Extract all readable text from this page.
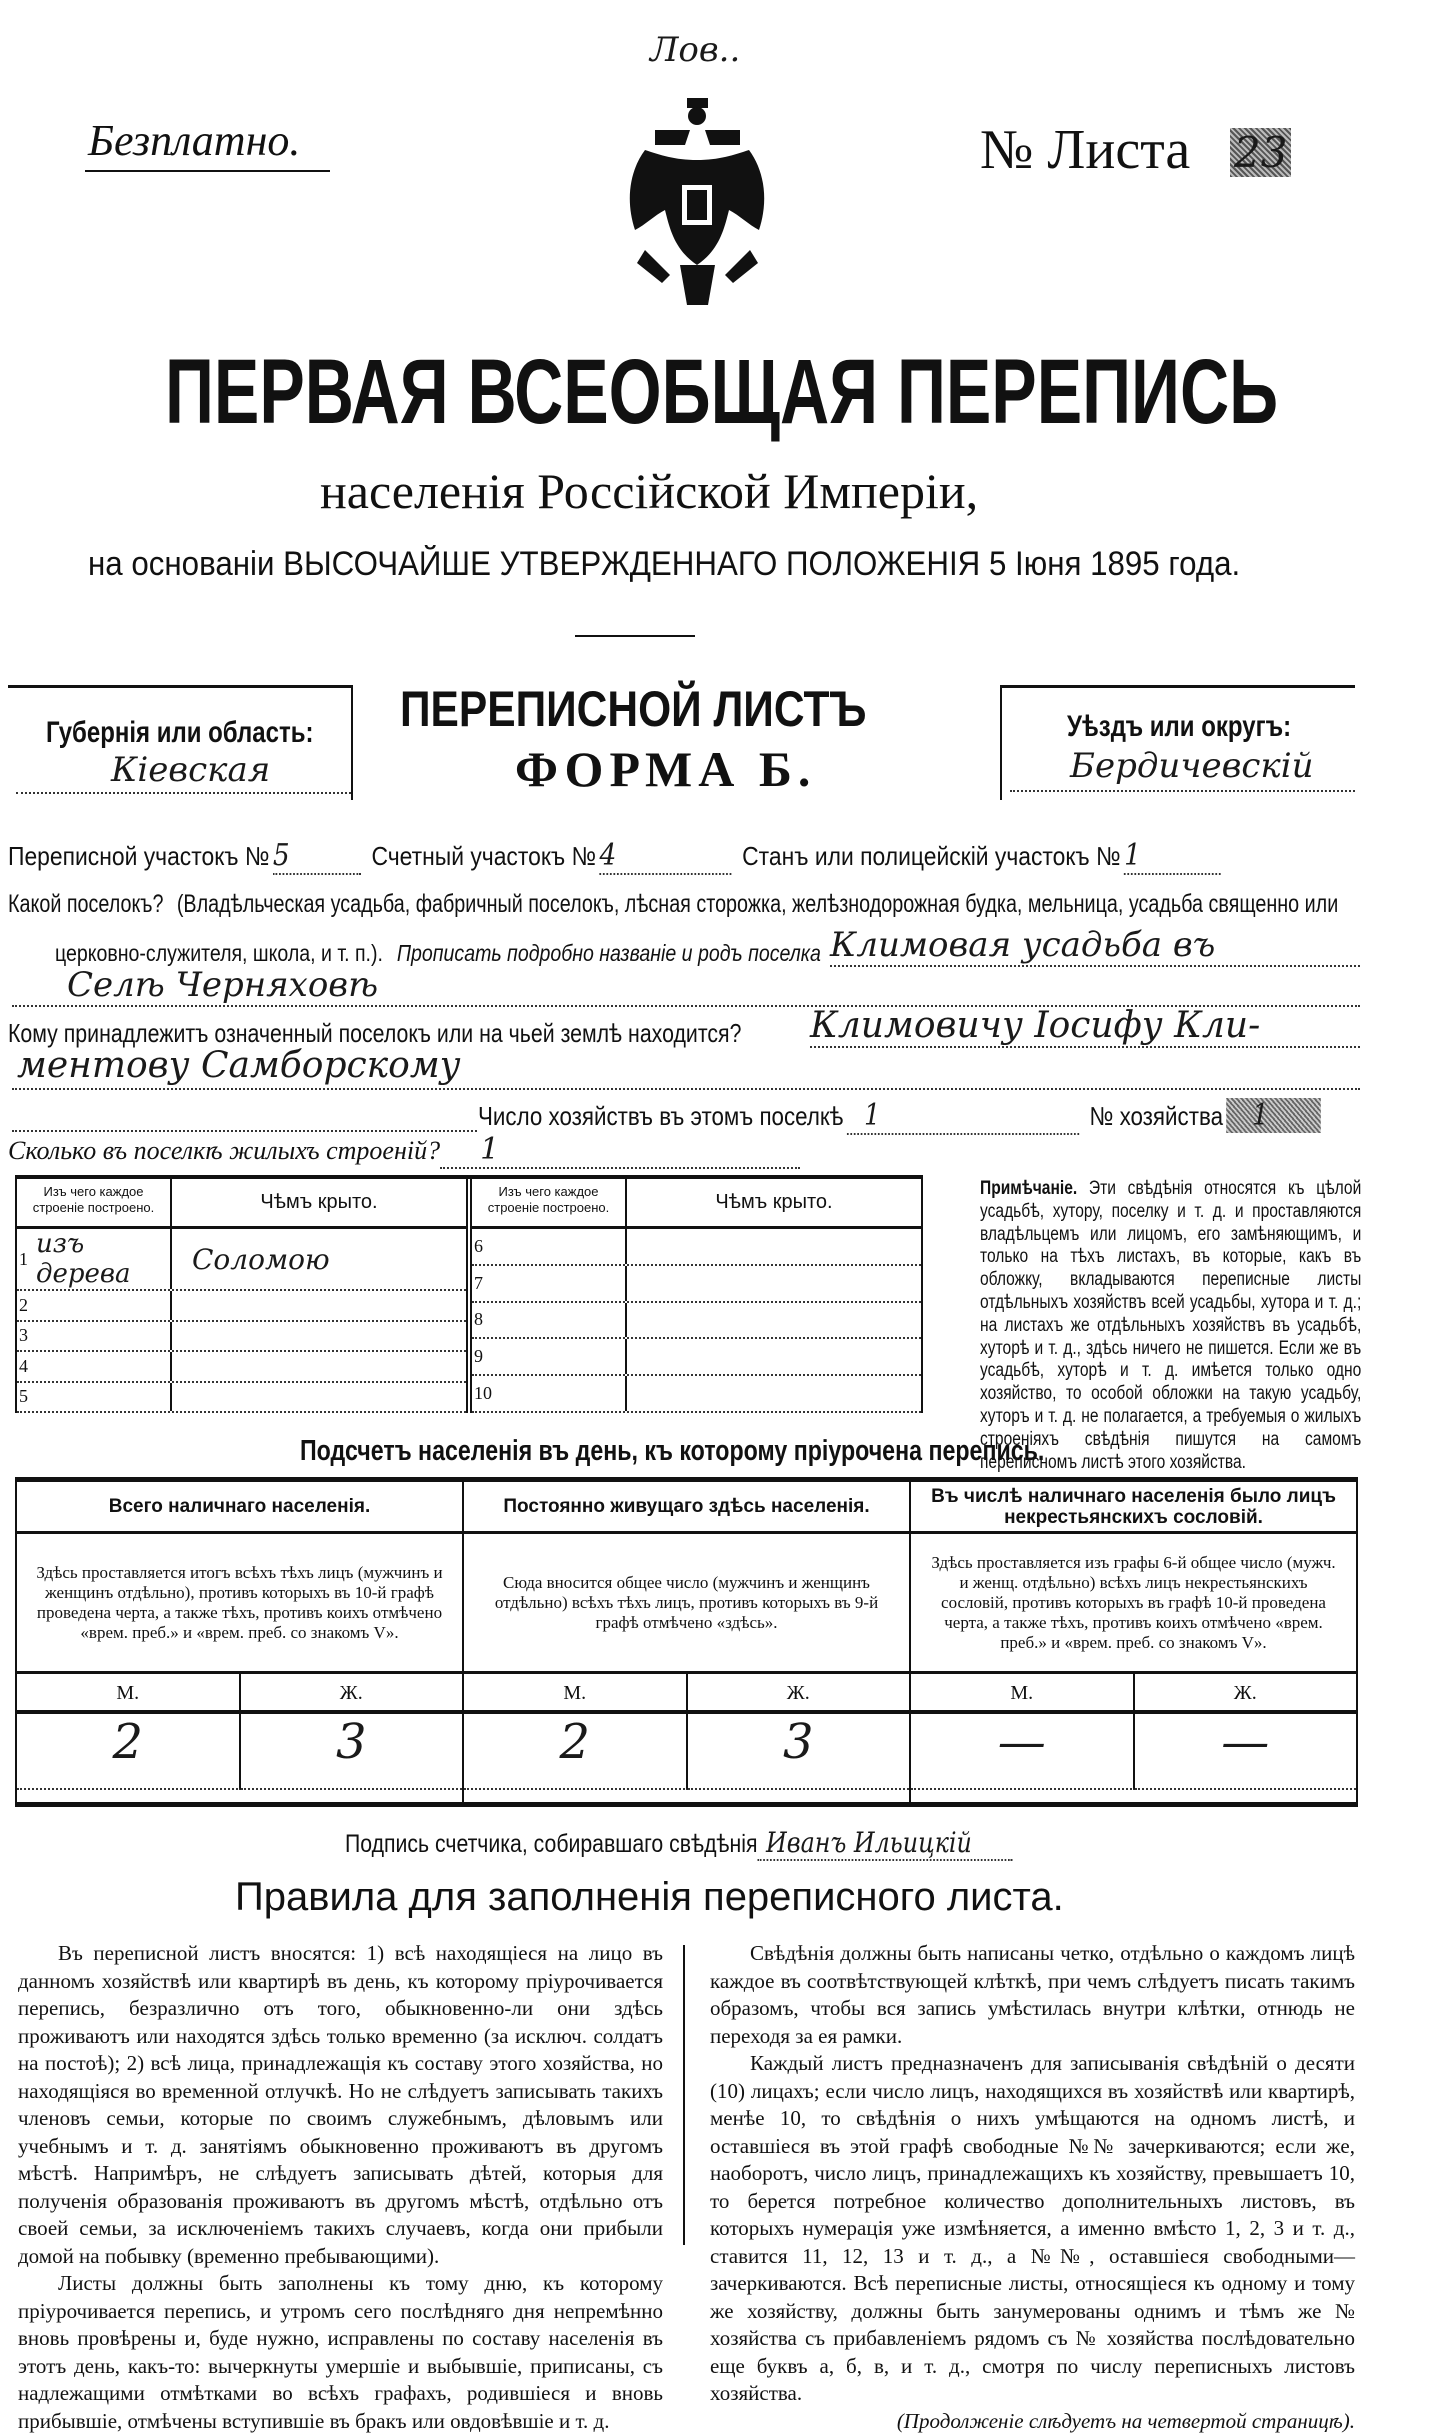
Лов..
Безплатно.	№ Листа 23
ПЕРВАЯ ВСЕОБЩАЯ ПЕРЕПИСЬ
населенія Россійской Имперіи,
на основаніи ВЫСОЧАЙШЕ УТВЕРЖДЕННАГО ПОЛОЖЕНІЯ 5 Іюня 1895 года.
Губернія или область:
Кіевская
ПЕРЕПИСНОЙ ЛИСТЪ
ФОРМА Б.
Уѣздъ или округъ:
Бердичевскій
Переписной участокъ № 5	Счетный участокъ № 4	Станъ или полицейскій участокъ № 1
Какой поселокъ? (Владѣльческая усадьба, фабричный поселокъ, лѣсная сторожка, желѣзнодорожная будка, мельница, усадьба священно или
церковно-служителя, школа, и т. п.). Прописать подробно названіе и родъ поселка Климовая усадьба въ
Селѣ Черняховѣ
Кому принадлежитъ означенный поселокъ или на чьей землѣ находится? Климовичу Іосифу Кли-
ментову Самборскому
Число хозяйствъ въ этомъ поселкѣ 1	№ хозяйства 1
Сколько въ поселкѣ жилыхъ строеній?	1
Изъ чего каждое строеніе построено.	Чѣмъ крыто.
1 изъ дерева	Соломою
2
3
4
5
Изъ чего каждое строеніе построено.	Чѣмъ крыто.
6
7
8
9
10
Примѣчаніе. Эти свѣдѣнія относятся къ цѣлой усадьбѣ, хутору, поселку и т. д. и проставляются владѣльцемъ или лицомъ, его замѣняющимъ, и только на тѣхъ листахъ, въ которые, какъ въ обложку, вкладываются переписные листы отдѣльныхъ хозяйствъ всей усадьбы, хутора и т. д.; на листахъ же отдѣльныхъ хозяйствъ въ усадьбѣ, хуторѣ и т. д., здѣсь ничего не пишется. Если же въ усадьбѣ, хуторѣ и т. д. имѣется только одно хозяйство, то особой обложки на такую усадьбу, хуторъ и т. д. не полагается, а требуемыя о жилыхъ строеніяхъ свѣдѣнія пишутся на самомъ переписномъ листѣ этого хозяйства.
Подсчетъ населенія въ день, къ которому пріурочена перепись.
Всего наличнаго населенія.
Здѣсь проставляется итогъ всѣхъ тѣхъ лицъ (мужчинъ и женщинъ отдѣльно), противъ которыхъ въ 10-й графѣ проведена черта, а также тѣхъ, противъ коихъ отмѣчено «врем. преб.» и «врем. преб. со знакомъ V».
М.	Ж.
2	3
Постоянно живущаго здѣсь населенія.
Сюда вносится общее число (мужчинъ и женщинъ отдѣльно) всѣхъ тѣхъ лицъ, противъ которыхъ въ 9-й графѣ отмѣчено «здѣсь».
М.	Ж.
2	3
Въ числѣ наличнаго населенія было лицъ некрестьянскихъ сословій.
Здѣсь проставляется изъ графы 6-й общее число (мужч. и женщ. отдѣльно) всѣхъ лицъ некрестьянскихъ сословій, противъ которыхъ въ графѣ 10-й проведена черта, а также тѣхъ, противъ коихъ отмѣчено «врем. преб.» и «врем. преб. со знакомъ V».
М.	Ж.
—	—
Подпись счетчика, собиравшаго свѣдѣнія Иванъ Ильицкій
Правила для заполненія переписного листа.

Въ переписной листъ вносятся: 1) всѣ находящіеся на лицо въ данномъ хозяйствѣ или квартирѣ въ день, къ которому пріурочивается перепись, безразлично отъ того, обыкновенно-ли они здѣсь проживаютъ или находятся здѣсь только временно (за исключ. солдатъ на постоѣ); 2) всѣ лица, принадлежащія къ составу этого хозяйства, но находящіяся во временной отлучкѣ. Но не слѣдуетъ записывать такихъ членовъ семьи, которые по своимъ служебнымъ, дѣловымъ или учебнымъ и т. д. занятіямъ обыкновенно проживаютъ въ другомъ мѣстѣ. Напримѣръ, не слѣдуетъ записывать дѣтей, которыя для полученія образованія проживаютъ въ другомъ мѣстѣ, отдѣльно отъ своей семьи, за исключеніемъ такихъ случаевъ, когда они прибыли домой на побывку (временно пребывающими).

Листы должны быть заполнены къ тому дню, къ которому пріурочивается перепись, и утромъ сего послѣдняго дня непремѣнно вновь провѣрены и, буде нужно, исправлены по составу населенія въ этотъ день, какъ-то: вычеркнуты умершіе и выбывшіе, приписаны, съ надлежащими отмѣтками во всѣхъ графахъ, родившіеся и вновь прибывшіе, отмѣчены вступившіе въ бракъ или овдовѣвшіе и т. д.

Свѣдѣнія должны быть написаны четко, отдѣльно о каждомъ лицѣ каждое въ соотвѣтствующей клѣткѣ, при чемъ слѣдуетъ писать такимъ образомъ, чтобы вся запись умѣстилась внутри клѣтки, отнюдь не переходя за ея рамки.

Каждый листъ предназначенъ для записыванія свѣдѣній о десяти (10) лицахъ; если число лицъ, находящихся въ хозяйствѣ или квартирѣ, менѣе 10, то свѣдѣнія о нихъ умѣщаются на одномъ листѣ, и оставшіеся въ этой графѣ свободные №№ зачеркиваются; если же, наоборотъ, число лицъ, принадлежащихъ къ хозяйству, превышаетъ 10, то берется потребное количество дополнительныхъ листовъ, въ которыхъ нумерація уже измѣняется, а именно вмѣсто 1, 2, 3 и т. д., ставится 11, 12, 13 и т. д., а №№, оставшіеся свободными—зачеркиваются. Всѣ переписные листы, относящіеся къ одному и тому же хозяйству, должны быть занумерованы однимъ и тѣмъ же № хозяйства съ прибавленіемъ рядомъ съ № хозяйства послѣдовательно еще буквъ а, б, в, и т. д., смотря по числу переписныхъ листовъ хозяйства.

(Продолженіе слѣдуетъ на четвертой страницѣ).
